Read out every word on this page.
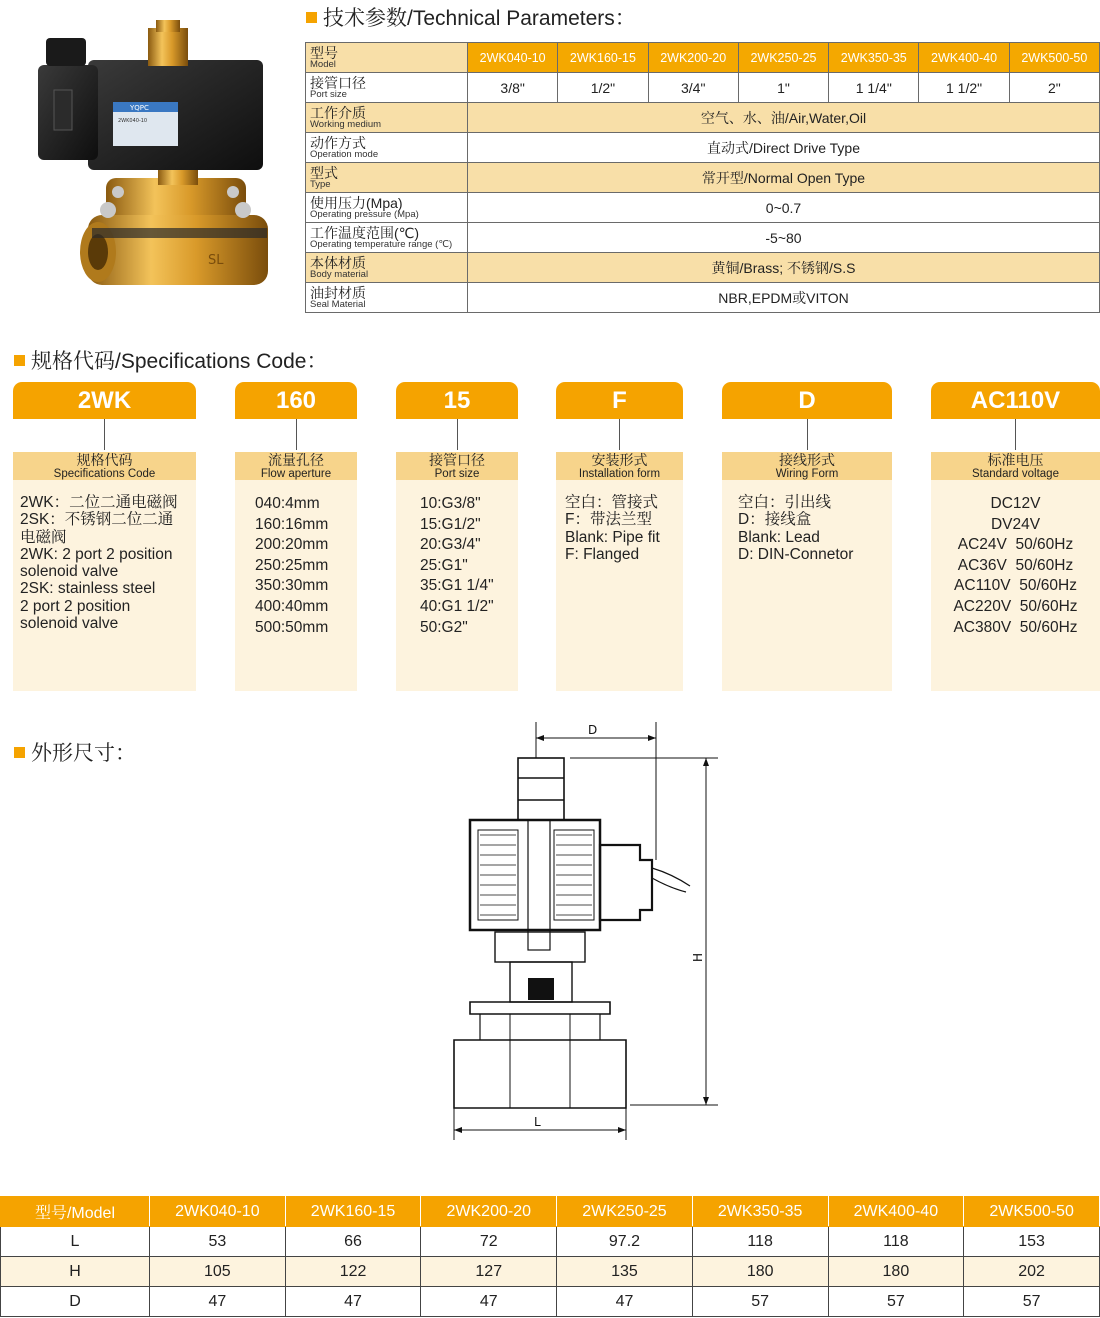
SL
YQPC
2WK040-10
技术参数/Technical Parameters：
型号
Model	2WK040-10	2WK160-15	2WK200-20	2WK250-25	2WK350-35	2WK400-40	2WK500-50

接管口径
Port size	3/8"	1/2"	3/4"	1"	1 1/4"	1 1/2"	2"

工作介质
Working medium	空气、水、油/Air,Water,Oil						

动作方式
Operation mode	直动式/Direct Drive Type						

型式
Type	常开型/Normal Open Type						

使用压力(Mpa)
Operating pressure (Mpa)	0~0.7						

工作温度范围(℃)
Operating temperature range (℃)	-5~80						

本体材质
Body material	黄铜/Brass; 不锈钢/S.S						

油封材质
Seal Material	NBR,EPDM或VITON						
规格代码/Specifications Code：
2WK
规格代码
Specifications Code
2WK：二位二通电磁阀
2SK：不锈钢二位二通
电磁阀
2WK: 2 port 2 position
solenoid valve
2SK: stainless steel
2 port 2 position
solenoid valve
160
流量孔径
Flow aperture
040:4mm
160:16mm
200:20mm
250:25mm
350:30mm
400:40mm
500:50mm
15
接管口径
Port size
10:G3/8"
15:G1/2"
20:G3/4"
25:G1"
35:G1 1/4"
40:G1 1/2"
50:G2"
F
安装形式
Installation form
空白：管接式
F：带法兰型
Blank: Pipe fit
F: Flanged
D
接线形式
Wiring Form
空白：引出线
D：接线盒
Blank: Lead
D: DIN-Connetor
AC110V
标准电压
Standard voltage
DC12V
DV24V
AC24V  50/60Hz
AC36V  50/60Hz
AC110V  50/60Hz
AC220V  50/60Hz
AC380V  50/60Hz
外形尺寸：
D
H
L
型号/Model	2WK040-10	2WK160-15	2WK200-20	2WK250-25	2WK350-35	2WK400-40	2WK500-50
L	53	66	72	97.2	118	118	153
H	105	122	127	135	180	180	202
D	47	47	47	47	57	57	57
